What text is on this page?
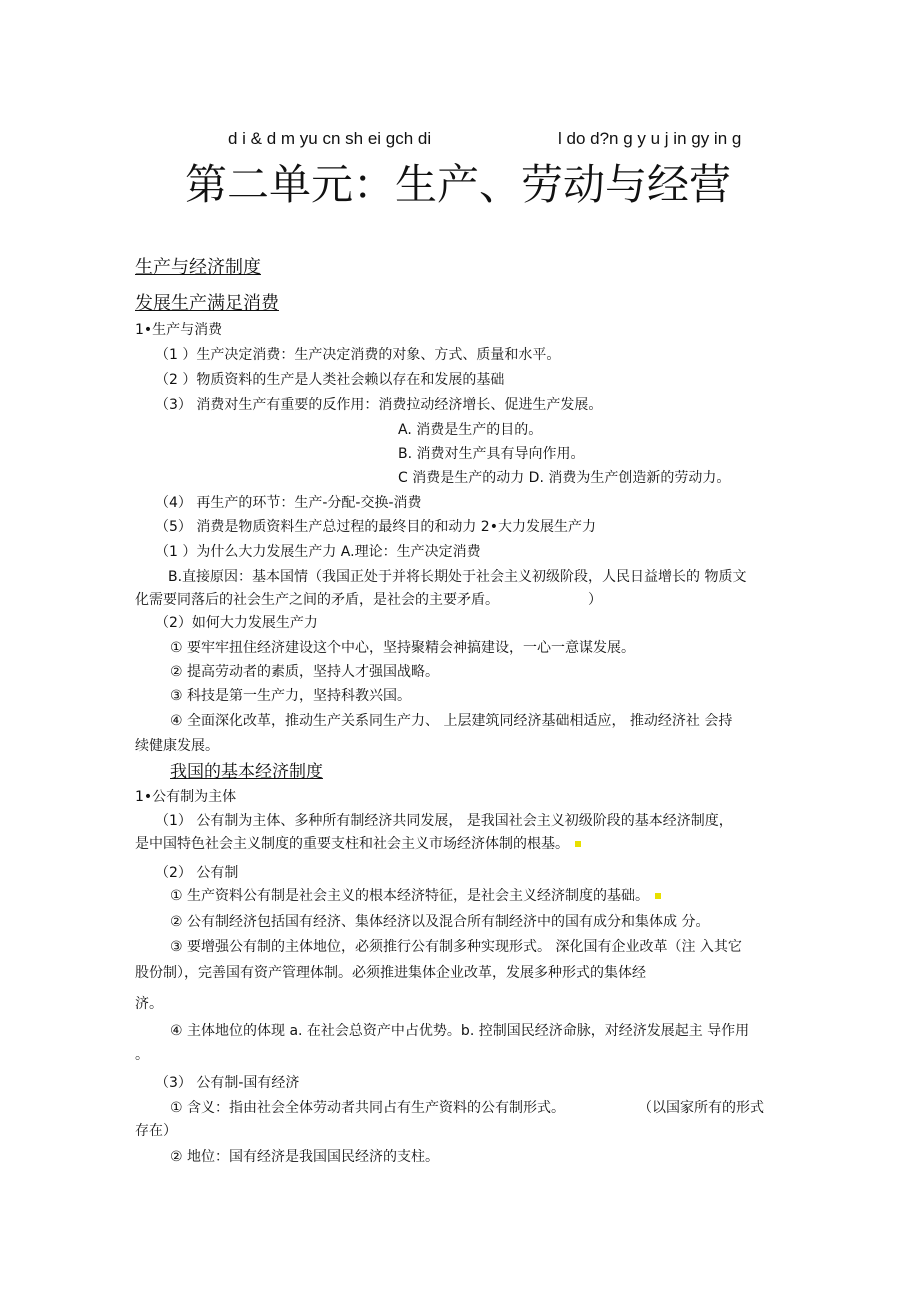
d i & d m yu cn sh ei gch di	l do d?n g y u j in gy in g
第二单元：生产、劳动与经营
生产与经济制度
发展生产满足消费
1•生产与消费
（1 ）生产决定消费：生产决定消费的对象、方式、质量和水平。
（2 ）物质资料的生产是人类社会赖以存在和发展的基础
（3） 消费对生产有重要的反作用：消费拉动经济增长、促进生产发展。
A. 消费是生产的目的。
B. 消费对生产具有导向作用。
C 消费是生产的动力 D. 消费为生产创造新的劳动力。
（4） 再生产的环节：生产-分配-交换-消费
（5） 消费是物质资料生产总过程的最终目的和动力 2•大力发展生产力
（1 ）为什么大力发展生产力 A.理论：生产决定消费
B.直接原因：基本国情（我国正处于并将长期处于社会主义初级阶段，人民日益增长的 物质文
化需要同落后的社会生产之间的矛盾，是社会的主要矛盾。	）
（2）如何大力发展生产力
① 要牢牢扭住经济建设这个中心，坚持聚精会神搞建设，一心一意谋发展。
② 提高劳动者的素质，坚持人才强国战略。
③ 科技是第一生产力，坚持科教兴国。
④ 全面深化改革，推动生产关系同生产力、 上层建筑同经济基础相适应， 推动经济社 会持
续健康发展。
我国的基本经济制度
1•公有制为主体
（1） 公有制为主体、多种所有制经济共同发展， 是我国社会主义初级阶段的基本经济制度，
是中国特色社会主义制度的重要支柱和社会主义市场经济体制的根基。
（2） 公有制
① 生产资料公有制是社会主义的根本经济特征，是社会主义经济制度的基础。
② 公有制经济包括国有经济、集体经济以及混合所有制经济中的国有成分和集体成 分。
③ 要增强公有制的主体地位，必须推行公有制多种实现形式。 深化国有企业改革（注 入其它
股份制），完善国有资产管理体制。必须推进集体企业改革，发展多种形式的集体经
济。
④ 主体地位的体现 a. 在社会总资产中占优势。b. 控制国民经济命脉，对经济发展起主 导作用
。
（3） 公有制-国有经济
① 含义：指由社会全体劳动者共同占有生产资料的公有制形式。	（以国家所有的形式
存在）
② 地位：国有经济是我国国民经济的支柱。
